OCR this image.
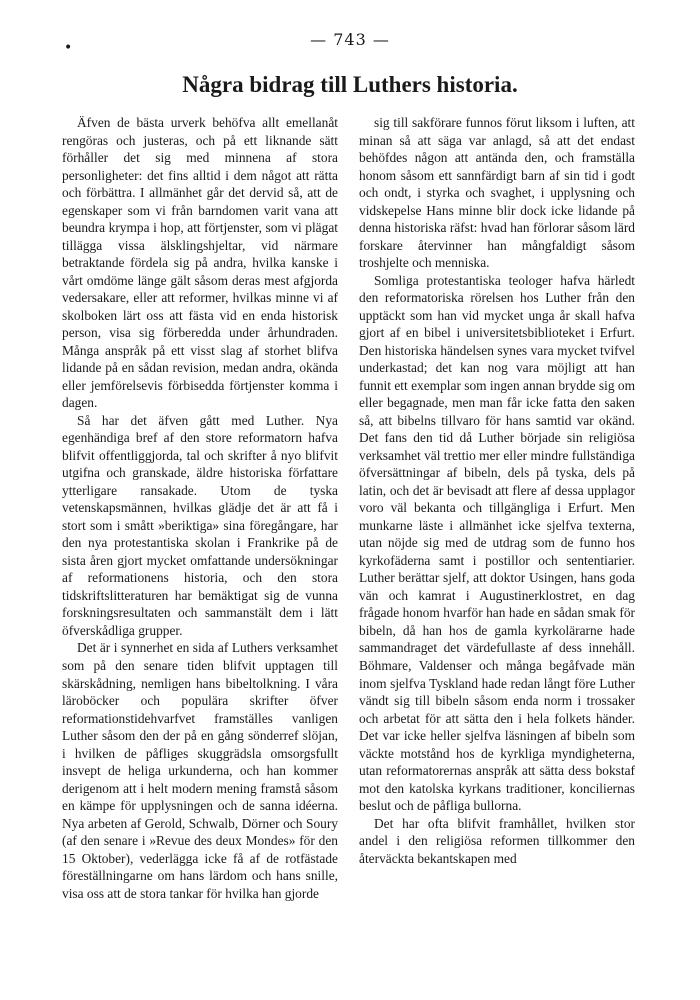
•	— 743 —
Några bidrag till Luthers historia.

Äfven de bästa urverk behöfva allt emellanåt rengöras och justeras, och på ett liknande sätt förhåller det sig med minnena af stora personligheter: det fins alltid i dem något att rätta och förbättra. I allmänhet går det dervid så, att de egenskaper som vi från barndomen varit vana att beundra krympa i hop, att förtjenster, som vi plägat tillägga vissa älsklingshjeltar, vid närmare betraktande fördela sig på andra, hvilka kanske i vårt omdöme länge gält såsom deras mest afgjorda vedersakare, eller att reformer, hvilkas minne vi af skolboken lärt oss att fästa vid en enda historisk person, visa sig förberedda under århundraden. Många anspråk på ett visst slag af storhet blifva lidande på en sådan revision, medan andra, okända eller jemförelsevis förbisedda förtjenster komma i dagen.

Så har det äfven gått med Luther. Nya egenhändiga bref af den store reformatorn hafva blifvit offentliggjorda, tal och skrifter å nyo blifvit utgifna och granskade, äldre historiska författare ytterligare ransakade. Utom de tyska vetenskapsmännen, hvilkas glädje det är att få i stort som i smått »beriktiga» sina föregångare, har den nya protestantiska skolan i Frankrike på de sista åren gjort mycket omfattande undersökningar af reformationens historia, och den stora tidskriftslitteraturen har bemäktigat sig de vunna forskningsresultaten och sammanstält dem i lätt öfverskådliga grupper.

Det är i synnerhet en sida af Luthers verksamhet som på den senare tiden blifvit upptagen till skärskådning, nemligen hans bibeltolkning. I våra läroböcker och populära skrifter öfver reformationstidehvarfvet framställes vanligen Luther såsom den der på en gång sönderref slöjan, i hvilken de påfliges skuggrädsla omsorgsfullt insvept de heliga urkunderna, och han kommer derigenom att i helt modern mening framstå såsom en kämpe för upplysningen och de sanna idéerna. Nya arbeten af Gerold, Schwalb, Dörner och Soury (af den senare i »Revue des deux Mondes» för den 15 Oktober), vederlägga icke få af de rotfästade föreställningarne om hans lärdom och hans snille, visa oss att de stora tankar för hvilka han gjorde

sig till sakförare funnos förut liksom i luften, att minan så att säga var anlagd, så att det endast behöfdes någon att antända den, och framställa honom såsom ett sannfärdigt barn af sin tid i godt och ondt, i styrka och svaghet, i upplysning och vidskepelse Hans minne blir dock icke lidande på denna historiska räfst: hvad han förlorar såsom lärd forskare återvinner han mångfaldigt såsom troshjelte och menniska.

Somliga protestantiska teologer hafva härledt den reformatoriska rörelsen hos Luther från den upptäckt som han vid mycket unga år skall hafva gjort af en bibel i universitetsbiblioteket i Erfurt. Den historiska händelsen synes vara mycket tvifvel underkastad; det kan nog vara möjligt att han funnit ett exemplar som ingen annan brydde sig om eller begagnade, men man får icke fatta den saken så, att bibelns tillvaro för hans samtid var okänd. Det fans den tid då Luther började sin religiösa verksamhet väl trettio mer eller mindre fullständiga öfversättningar af bibeln, dels på tyska, dels på latin, och det är bevisadt att flere af dessa upplagor voro väl bekanta och tillgängliga i Erfurt. Men munkarne läste i allmänhet icke sjelfva texterna, utan nöjde sig med de utdrag som de funno hos kyrkofäderna samt i postillor och sententiarier. Luther berättar sjelf, att doktor Usingen, hans goda vän och kamrat i Augustinerklostret, en dag frågade honom hvarför han hade en sådan smak för bibeln, då han hos de gamla kyrkolärarne hade sammandraget det värdefullaste af dess innehåll. Böhmare, Valdenser och många begåfvade män inom sjelfva Tyskland hade redan långt före Luther vändt sig till bibeln såsom enda norm i trossaker och arbetat för att sätta den i hela folkets händer. Det var icke heller sjelfva läsningen af bibeln som väckte motstånd hos de kyrkliga myndigheterna, utan reformatorernas anspråk att sätta dess bokstaf mot den katolska kyrkans traditioner, konciliernas beslut och de påfliga bullorna.

Det har ofta blifvit framhållet, hvilken stor andel i den religiösa reformen tillkommer den återväckta bekantskapen med
